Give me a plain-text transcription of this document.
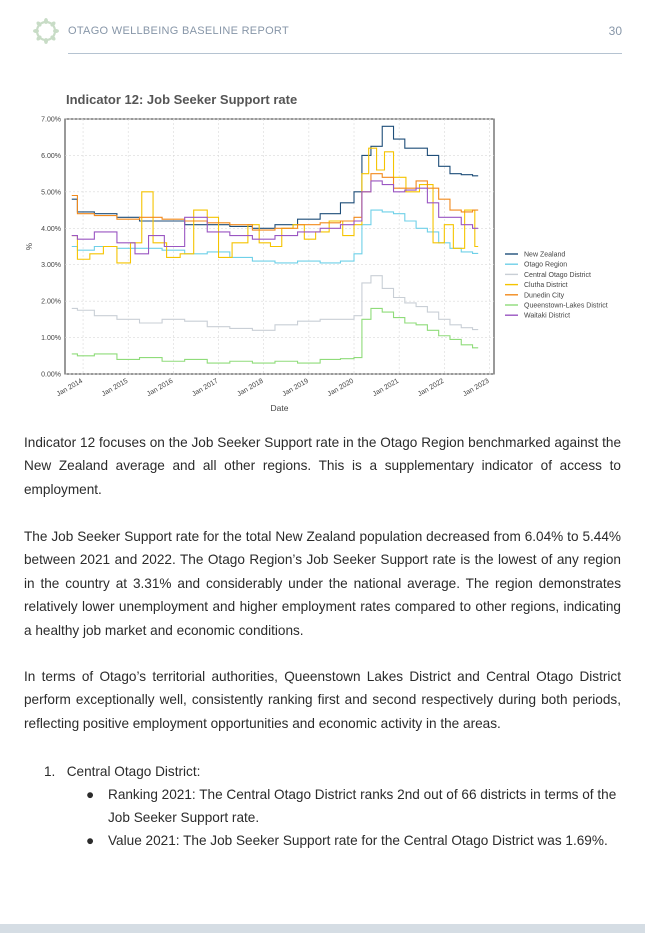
OTAGO WELLBEING BASELINE REPORT	30
Indicator 12: Job Seeker Support rate
0.00%
1.00%
2.00%
3.00%
4.00%
5.00%
6.00%
7.00%
Jan 2014 Jan 2015 Jan 2016 Jan 2017 Jan 2018 Jan 2019 Jan 2020 Jan 2021 Jan 2022 Jan 2023
Date
%
New Zealand
Otago Region
Central Otago District
Clutha District
Dunedin City
Queenstown-Lakes District
Waitaki District

Indicator 12 focuses on the Job Seeker Support rate in the Otago Region benchmarked against the New Zealand average and all other regions. This is a supplementary indicator of access to employment.

The Job Seeker Support rate for the total New Zealand population decreased from 6.04% to 5.44% between 2021 and 2022. The Otago Region’s Job Seeker Support rate is the lowest of any region in the country at 3.31% and considerably under the national average. The region demonstrates relatively lower unemployment and higher employment rates compared to other regions, indicating a healthy job market and economic conditions.

In terms of Otago’s territorial authorities, Queenstown Lakes District and Central Otago District perform exceptionally well, consistently ranking first and second respectively during both periods, reflecting positive employment opportunities and economic activity in the areas.

1. Central Otago District:
● Ranking 2021: The Central Otago District ranks 2nd out of 66 districts in terms of the Job Seeker Support rate.
● Value 2021: The Job Seeker Support rate for the Central Otago District was 1.69%.
